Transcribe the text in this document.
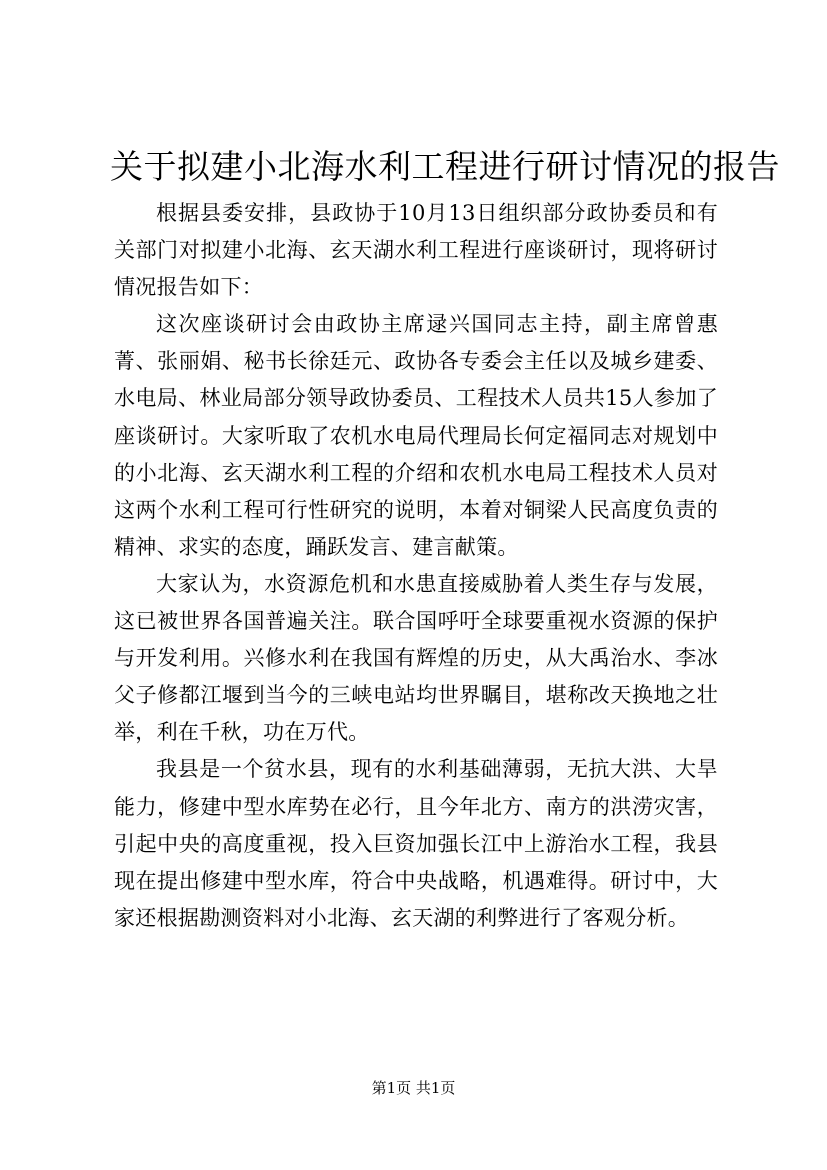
关于拟建小北海水利工程进行研讨情况的报告

根据县委安排，县政协于10月13日组织部分政协委员和有关部门对拟建小北海、玄天湖水利工程进行座谈研讨，现将研讨情况报告如下：

这次座谈研讨会由政协主席逯兴国同志主持，副主席曾惠菁、张丽娟、秘书长徐廷元、政协各专委会主任以及城乡建委、水电局、林业局部分领导政协委员、工程技术人员共15人参加了座谈研讨。大家听取了农机水电局代理局长何定福同志对规划中的小北海、玄天湖水利工程的介绍和农机水电局工程技术人员对这两个水利工程可行性研究的说明，本着对铜梁人民高度负责的精神、求实的态度，踊跃发言、建言献策。

大家认为，水资源危机和水患直接威胁着人类生存与发展，这已被世界各国普遍关注。联合国呼吁全球要重视水资源的保护与开发利用。兴修水利在我国有辉煌的历史，从大禹治水、李冰父子修都江堰到当今的三峡电站均世界瞩目，堪称改天换地之壮举，利在千秋，功在万代。

我县是一个贫水县，现有的水利基础薄弱，无抗大洪、大旱能力，修建中型水库势在必行，且今年北方、南方的洪涝灾害，引起中央的高度重视，投入巨资加强长江中上游治水工程，我县现在提出修建中型水库，符合中央战略，机遇难得。研讨中，大家还根据勘测资料对小北海、玄天湖的利弊进行了客观分析。

第1页 共1页
